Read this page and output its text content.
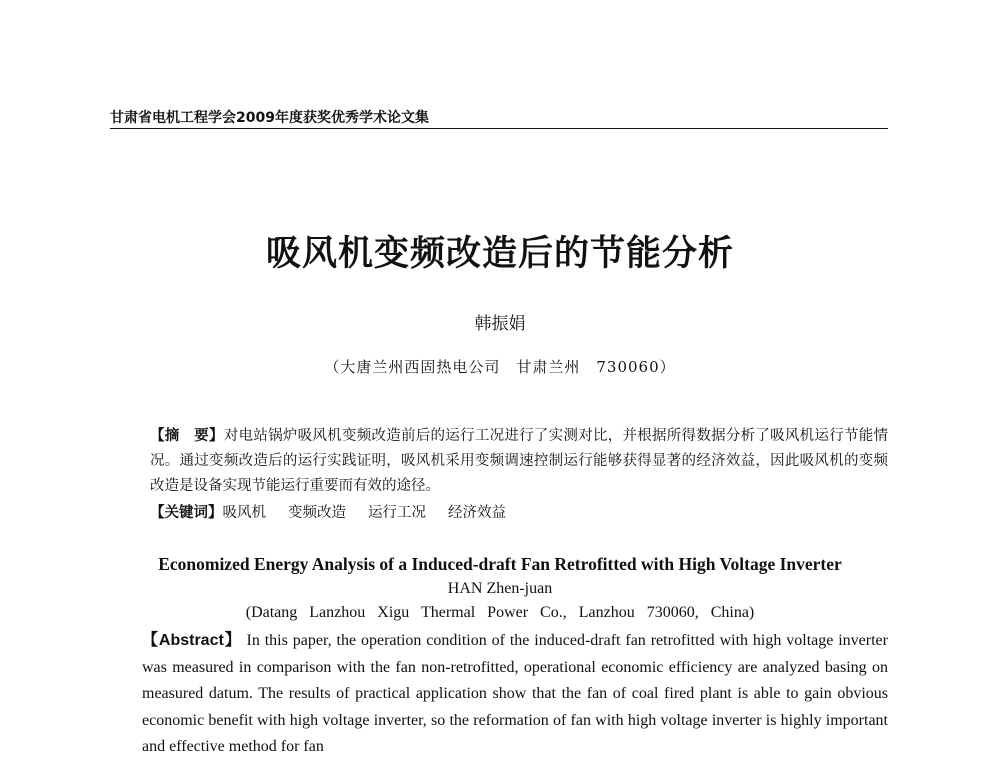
甘肃省电机工程学会2009年度获奖优秀学术论文集
吸风机变频改造后的节能分析
韩振娟
（大唐兰州西固热电公司　甘肃兰州　730060）
【摘　要】对电站锅炉吸风机变频改造前后的运行工况进行了实测对比，并根据所得数据分析了吸风机运行节能情况。通过变频改造后的运行实践证明，吸风机采用变频调速控制运行能够获得显著的经济效益，因此吸风机的变频改造是设备实现节能运行重要而有效的途径。
【关键词】吸风机 变频改造 运行工况 经济效益
Economized Energy Analysis of a Induced-draft Fan Retrofitted with High Voltage Inverter
HAN Zhen-juan
(Datang Lanzhou Xigu Thermal Power Co., Lanzhou 730060, China)
【Abstract】 In this paper, the operation condition of the induced-draft fan retrofitted with high voltage inverter was measured in comparison with the fan non-retrofitted, operational economic efficiency are analyzed basing on measured datum. The results of practical application show that the fan of coal fired plant is able to gain obvious economic benefit with high voltage inverter, so the reformation of fan with high voltage inverter is highly important and effective method for fan
